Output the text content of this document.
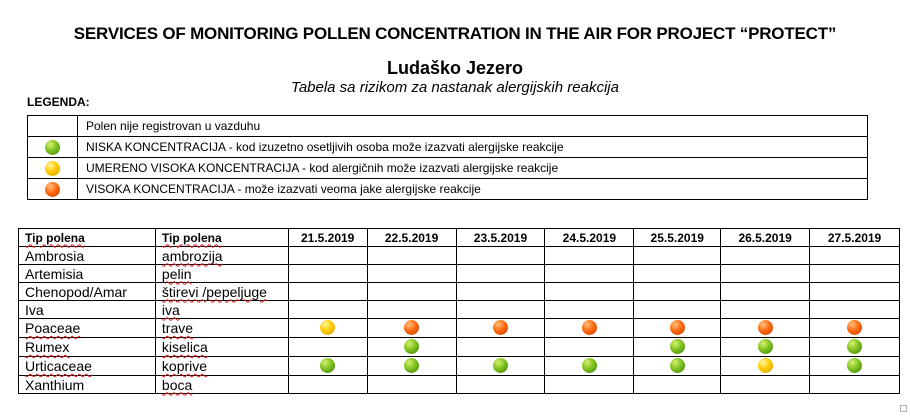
SERVICES OF MONITORING POLLEN CONCENTRATION IN THE AIR FOR PROJECT “PROTECT”
Ludaško Jezero
Tabela sa rizikom za nastanak alergijskih reakcija
LEGENDA:
	Polen nije registrovan u vazduhu
	NISKA KONCENTRACIJA - kod izuzetno osetljivih osoba može izazvati alergijske reakcije
	UMERENO VISOKA KONCENTRACIJA - kod alergičnih može izazvati alergijske reakcije
	VISOKA KONCENTRACIJA - može izazvati veoma jake alergijske reakcije
Tip polena	Tip polena	21.5.2019	22.5.2019	23.5.2019	24.5.2019	25.5.2019	26.5.2019	27.5.2019
Ambrosia	ambrozija							
Artemisia	pelin							
Chenopod/Amar	štirevi /pepeljuge							
Iva	iva							
Poaceae	trave							
Rumex	kiselica							
Urticaceae	koprive							
Xanthium	boca							
